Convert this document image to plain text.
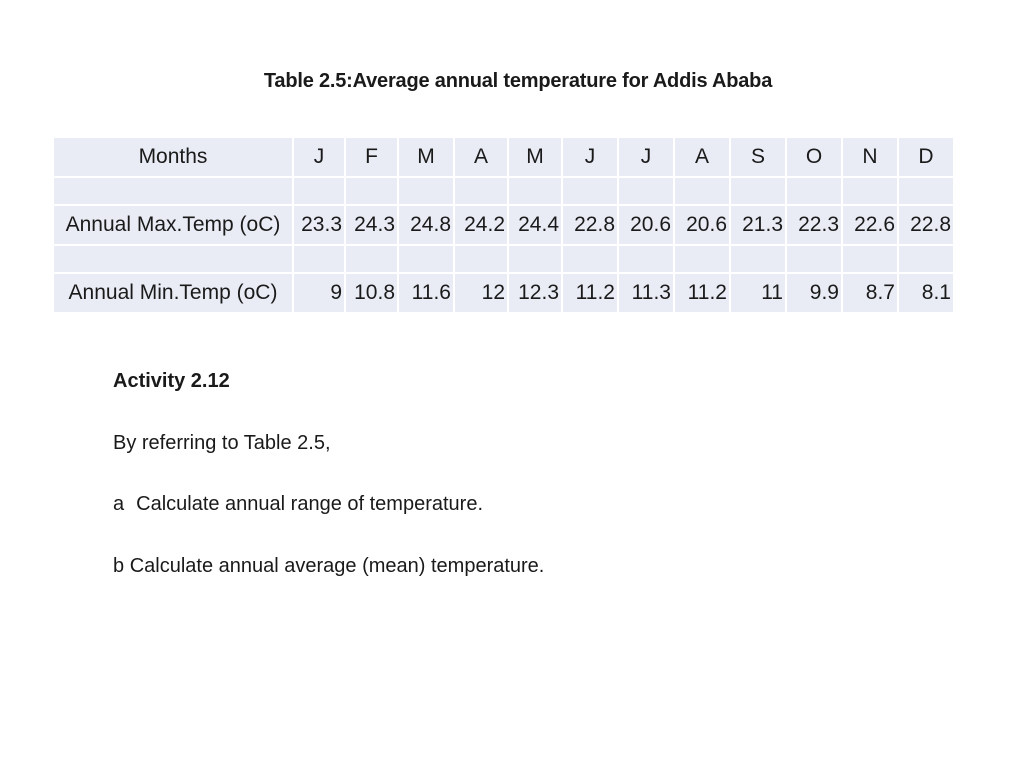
Table 2.5:Average annual temperature for Addis Ababa
Months	J	F	M	A	M	J	J	A	S	O	N	D

Annual Max.Temp (oC)	23.3	24.3	24.8	24.2	24.4	22.8	20.6	20.6	21.3	22.3	22.6	22.8

Annual Min.Temp (oC)	9	10.8	11.6	12	12.3	11.2	11.3	11.2	11	9.9	8.7	8.1
Activity 2.12
By referring to Table 2.5,
a Calculate annual range of temperature.
b Calculate annual average (mean) temperature.
